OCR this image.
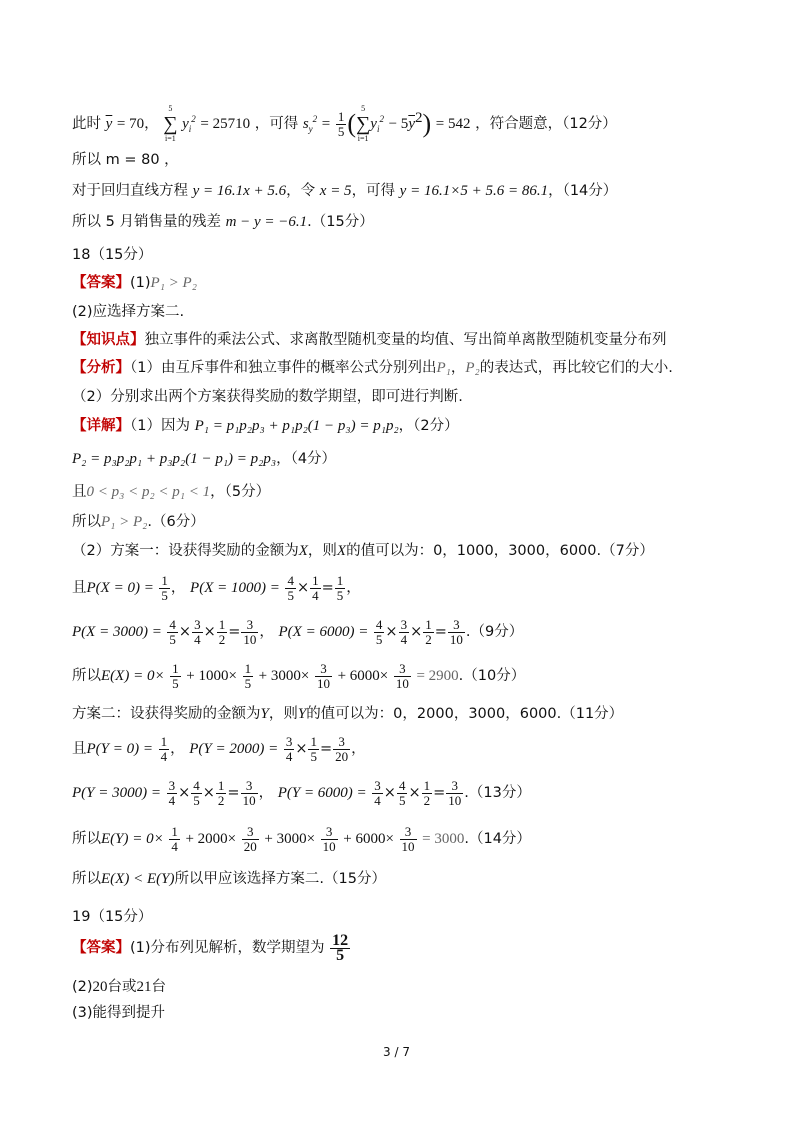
此时 $\overline{y} = 70$，
5
∑
i=1
$y_i^2 = 25710$ ，可得 $s_y^2 = \frac{1}{5}$ (
5
∑
i=1
$y_i^2 - 5\overline{y}^2) = 542$ ，符合题意，（12分）
所以 m = 80 ，
对于回归直线方程 y = 16.1x + 5.6，令 x = 5，可得 y = 16.1×5 + 5.6 = 86.1，（14分）
所以 5 月销售量的残差 m − y = −6.1.（15分）
18（15分）
【答案】(1)P₁ > P₂
(2)应选择方案二.
【知识点】独立事件的乘法公式、求离散型随机变量的均值、写出简单离散型随机变量分布列
【分析】（1）由互斥事件和独立事件的概率公式分别列出P₁，P₂的表达式，再比较它们的大小.
（2）分别求出两个方案获得奖励的数学期望，即可进行判断.
【详解】（1）因为 P₁ = p₁p₂p₃ + p₁p₂(1 − p₃) = p₁p₂，（2分）
P₂ = p₃p₂p₁ + p₃p₂(1 − p₁) = p₂p₃，（4分）
且0 < p₃ < p₂ < p₁ < 1，（5分）
所以P₁ > P₂.（6分）
（2）方案一：设获得奖励的金额为X，则X的值可以为：0，1000，3000，6000.（7分）
且$P(X = 0) = \frac{1}{5}$ ， $P(X = 1000) = \frac{4}{5} \times \frac{1}{4} = \frac{1}{5}$ ，
$P(X = 3000) = \frac{4}{5} \times \frac{3}{4} \times \frac{1}{2} = \frac{3}{10}$ ， $P(X = 6000) = \frac{4}{5} \times \frac{3}{4} \times \frac{1}{2} = \frac{3}{10} .(9$分）
所以$E(X) = 0\times \frac{1}{5} + 1000\times \frac{1}{5} + 3000\times \frac{3}{10} + 6000\times \frac{3}{10} = 2900.(10$分）
方案二：设获得奖励的金额为Y，则Y的值可以为：0，2000，3000，6000.（11分）
且$P(Y = 0) = \frac{1}{4}$ ， $P(Y = 2000) = \frac{3}{4} \times \frac{1}{5} = \frac{3}{20}$ ，
$P(Y = 3000) = \frac{3}{4} \times \frac{4}{5} \times \frac{1}{2} = \frac{3}{10}$ ， $P(Y = 6000) = \frac{3}{4} \times \frac{4}{5} \times \frac{1}{2} = \frac{3}{10} .(13$分）
所以$E(Y) = 0\times \frac{1}{4} + 2000\times \frac{3}{20} + 3000\times \frac{3}{10} + 6000\times \frac{3}{10} = 3000.(14$分）
所以E(X) < E(Y)所以甲应该选择方案二.（15分）
19（15分）
【答案】(1)分布列见解析，数学期望为 $\frac{12}{5}$
(2)20台或21台
(3)能得到提升
3 / 7
